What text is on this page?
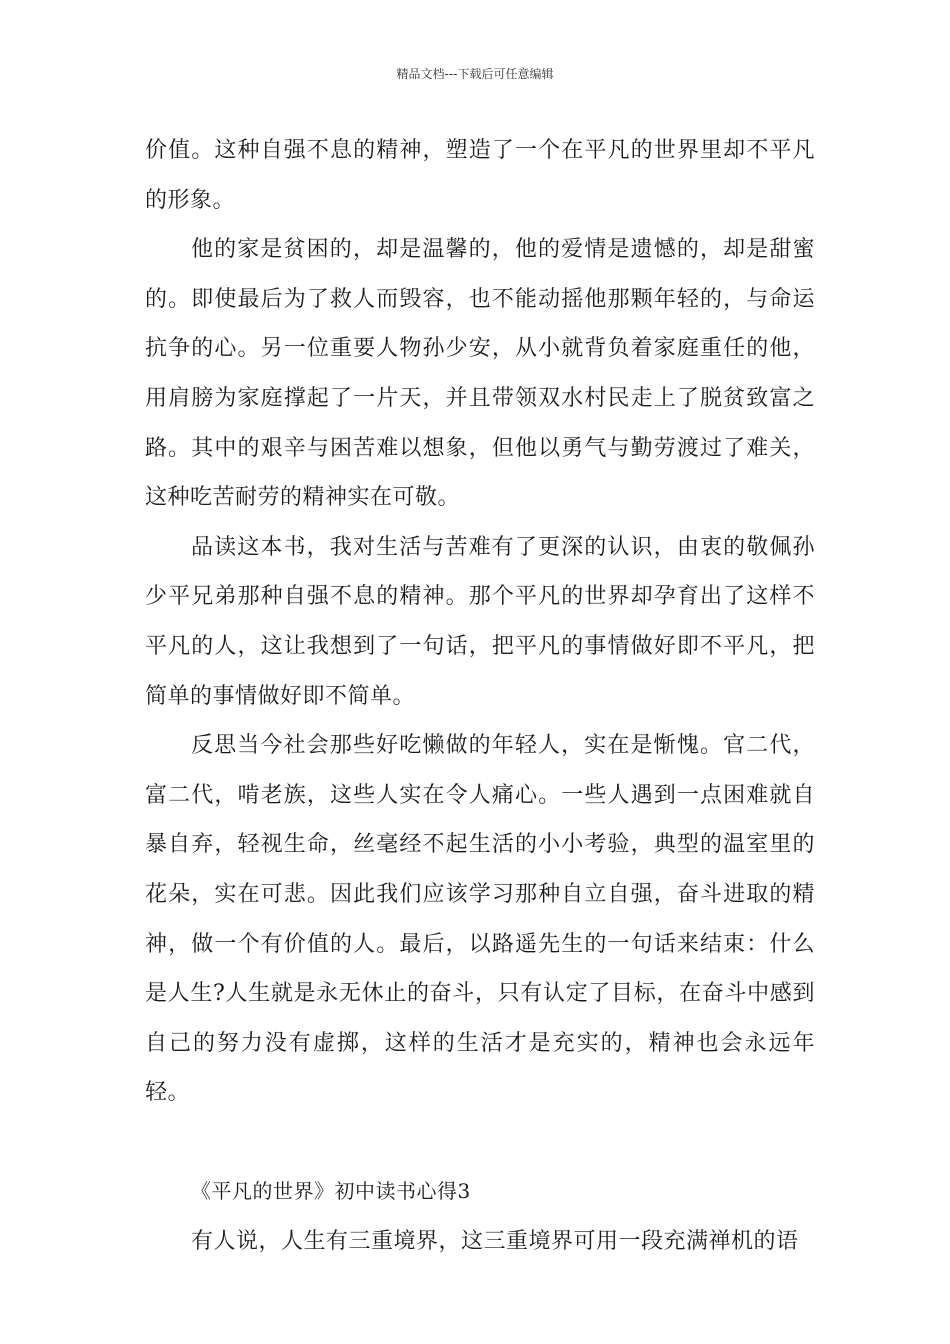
精品文档---下载后可任意编辑

价值。这种自强不息的精神，塑造了一个在平凡的世界里却不平凡的形象。

他的家是贫困的，却是温馨的，他的爱情是遗憾的，却是甜蜜的。即使最后为了救人而毁容，也不能动摇他那颗年轻的，与命运抗争的心。另一位重要人物孙少安，从小就背负着家庭重任的他，用肩膀为家庭撑起了一片天，并且带领双水村民走上了脱贫致富之路。其中的艰辛与困苦难以想象，但他以勇气与勤劳渡过了难关，这种吃苦耐劳的精神实在可敬。

品读这本书，我对生活与苦难有了更深的认识，由衷的敬佩孙少平兄弟那种自强不息的精神。那个平凡的世界却孕育出了这样不平凡的人，这让我想到了一句话，把平凡的事情做好即不平凡，把简单的事情做好即不简单。

反思当今社会那些好吃懒做的年轻人，实在是惭愧。官二代，富二代，啃老族，这些人实在令人痛心。一些人遇到一点困难就自暴自弃，轻视生命，丝毫经不起生活的小小考验，典型的温室里的花朵，实在可悲。因此我们应该学习那种自立自强，奋斗进取的精神，做一个有价值的人。最后，以路遥先生的一句话来结束：什么是人生?人生就是永无休止的奋斗，只有认定了目标，在奋斗中感到自己的努力没有虚掷，这样的生活才是充实的，精神也会永远年轻。

《平凡的世界》初中读书心得3

有人说，人生有三重境界，这三重境界可用一段充满禅机的语
